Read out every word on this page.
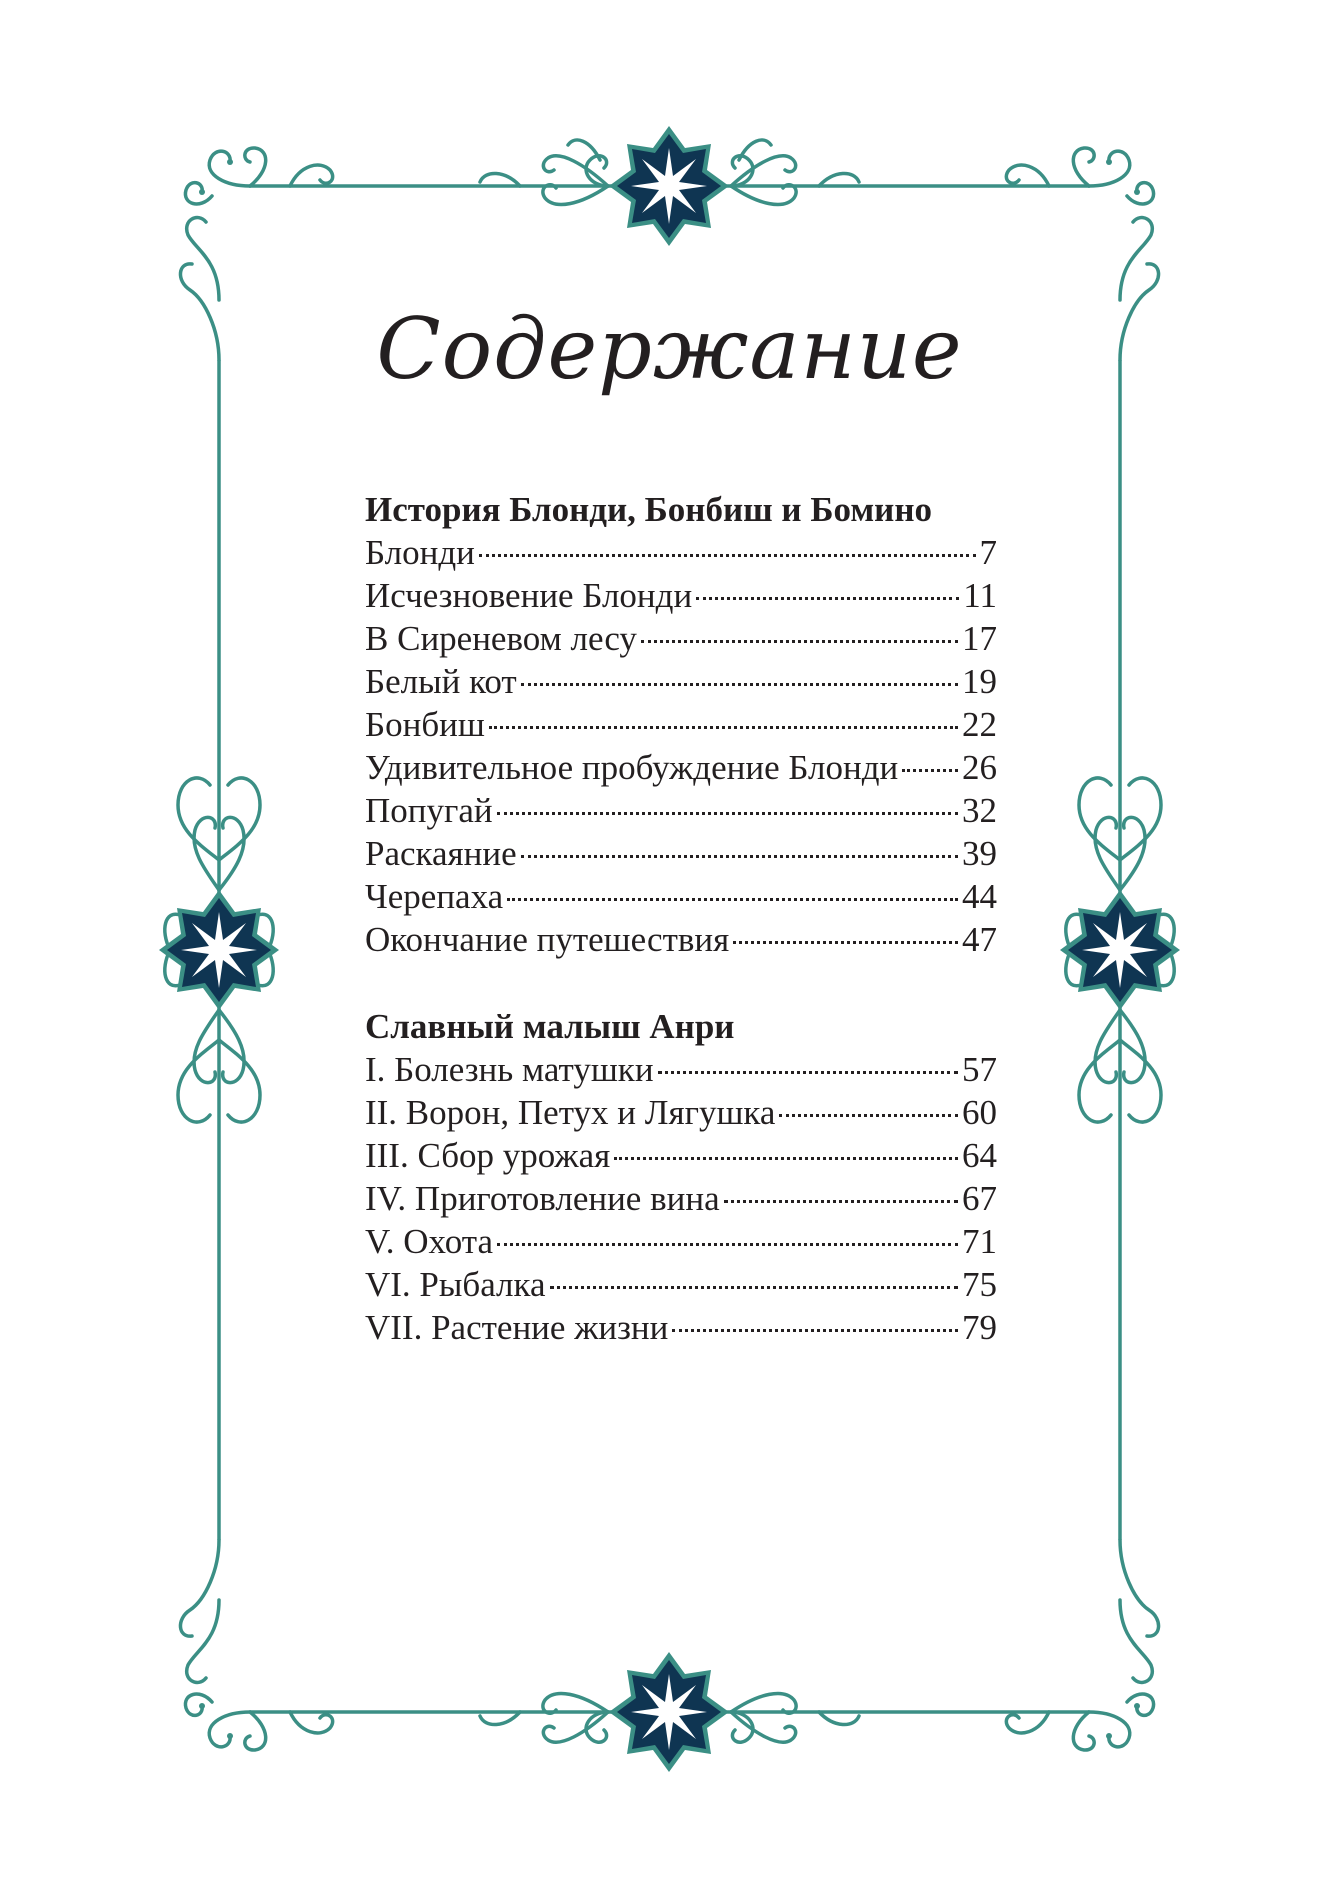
Содержание
История Блонди, Бонбиш и Бомино
Блонди	7
Исчезновение Блонди	11
В Сиреневом лесу	17
Белый кот	19
Бонбиш	22
Удивительное пробуждение Блонди 26
Попугай	32
Раскаяние	39
Черепаха	44
Окончание путешествия	47
Славный малыш Анри
I. Болезнь матушки	57
II. Ворон, Петух и Лягушка	60
III. Сбор урожая	64
IV. Приготовление вина	67
V. Охота	71
VI. Рыбалка	75
VII. Растение жизни	79
